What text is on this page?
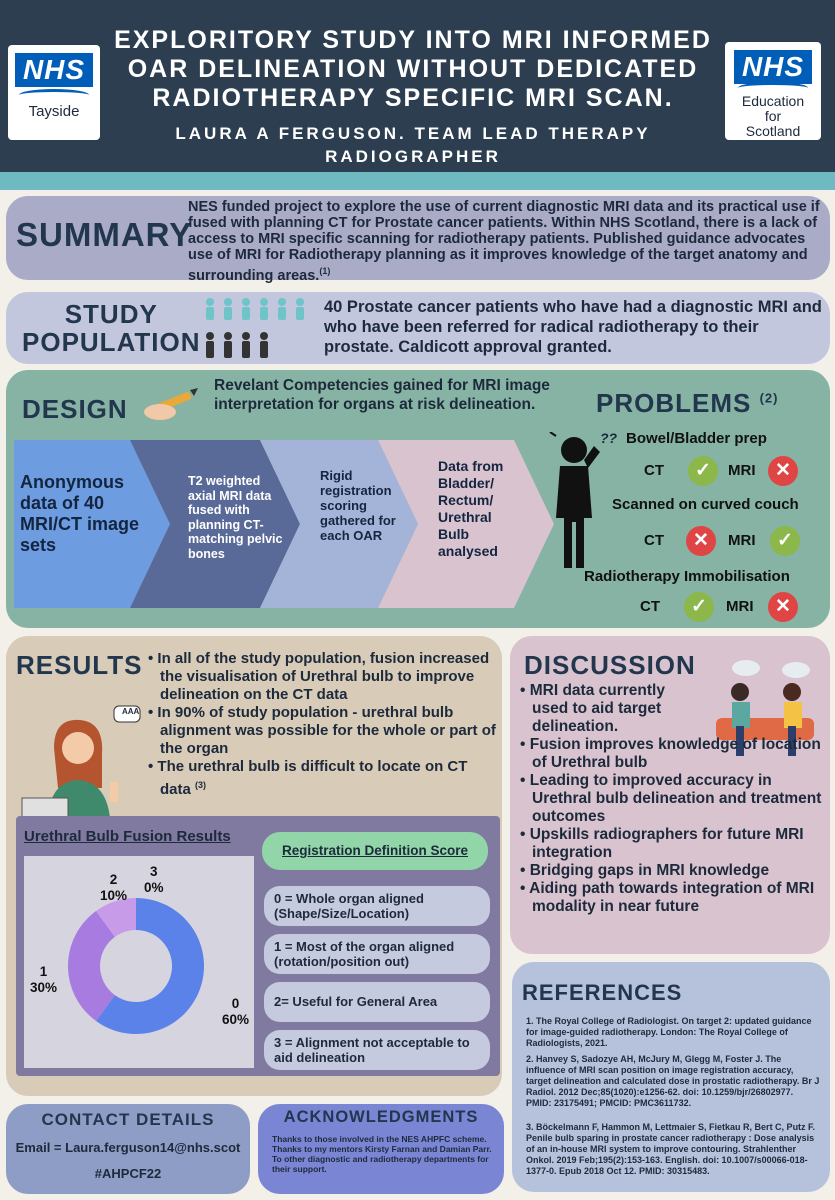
NHS
Tayside
EXPLORITORY STUDY INTO MRI INFORMED OAR DELINEATION WITHOUT DEDICATED RADIOTHERAPY SPECIFIC MRI SCAN.
LAURA A FERGUSON. TEAM LEAD THERAPY RADIOGRAPHER
NHS
Education
for
Scotland
SUMMARY
NES funded project to explore the use of current diagnostic MRI data and its practical use if fused with planning CT for Prostate cancer patients. Within NHS Scotland, there is a lack of access to MRI specific scanning for radiotherapy patients. Published guidance advocates use of MRI for Radiotherapy planning as it improves knowledge of the target anatomy and surrounding areas.$^{(1)}$
STUDY
POPULATION
40 Prostate cancer patients who have had a diagnostic MRI and who have been referred for radical radiotherapy to their prostate. Caldicott approval granted.
DESIGN
Revelant Competencies gained for MRI image interpretation for organs at risk delineation.
Anonymous data of 40 MRI/CT image sets
T2 weighted axial MRI data fused with planning CT- matching pelvic bones
Rigid registration scoring gathered for each OAR
Data from Bladder/ Rectum/ Urethral Bulb analysed
PROBLEMS $^{(2)}$
?? Bowel/Bladder prep
CT	✓	MRI	✕
Scanned on curved couch
CT	✕	MRI	✓
Radiotherapy Immobilisation
CT	✓	MRI	✕
RESULTS
•	In all of the study population, fusion increased the visualisation of Urethral bulb to improve delineation on the CT data
• In 90% of study population - urethral bulb alignment was possible for the whole or part of the organ
• The urethral bulb is difficult to locate on CT data $^{(3)}$
AAA
Urethral Bulb Fusion Results
3
0%
2
10%
1
30%
0
60%
Registration Definition Score
0 = Whole organ aligned (Shape/Size/Location)
1 = Most of the organ aligned (rotation/position out)
2= Useful for General Area
3 = Alignment not acceptable to aid delineation
DISCUSSION
• MRI data currently used to aid target delineation.
• Fusion improves knowledge of location of Urethral bulb
• Leading to improved accuracy in Urethral bulb delineation and treatment outcomes
• Upskills radiographers for future MRI integration
• Bridging gaps in MRI knowledge
• Aiding path towards integration of MRI modality in near future
REFERENCES
1. The Royal College of Radiologist. On target 2: updated guidance for image-guided radiotherapy. London: The Royal College of Radiologists, 2021.
2. Hanvey S, Sadozye AH, McJury M, Glegg M, Foster J. The influence of MRI scan position on image registration accuracy, target delineation and calculated dose in prostatic radiotherapy. Br J Radiol. 2012 Dec;85(1020):e1256-62. doi: 10.1259/bjr/26802977. PMID: 23175491; PMCID: PMC3611732.
3. Böckelmann F, Hammon M, Lettmaier S, Fietkau R, Bert C, Putz F. Penile bulb sparing in prostate cancer radiotherapy : Dose analysis of an in-house MRI system to improve contouring. Strahlenther Onkol. 2019 Feb;195(2):153-163. English. doi: 10.1007/s00066-018-1377-0. Epub 2018 Oct 12. PMID: 30315483.
CONTACT DETAILS
Email = Laura.ferguson14@nhs.scot
#AHPCF22
ACKNOWLEDGMENTS
Thanks to those involved in the NES AHPFC scheme. Thanks to my mentors Kirsty Farnan and Damian Parr. To other diagnostic and radiotherapy departments for their support.
